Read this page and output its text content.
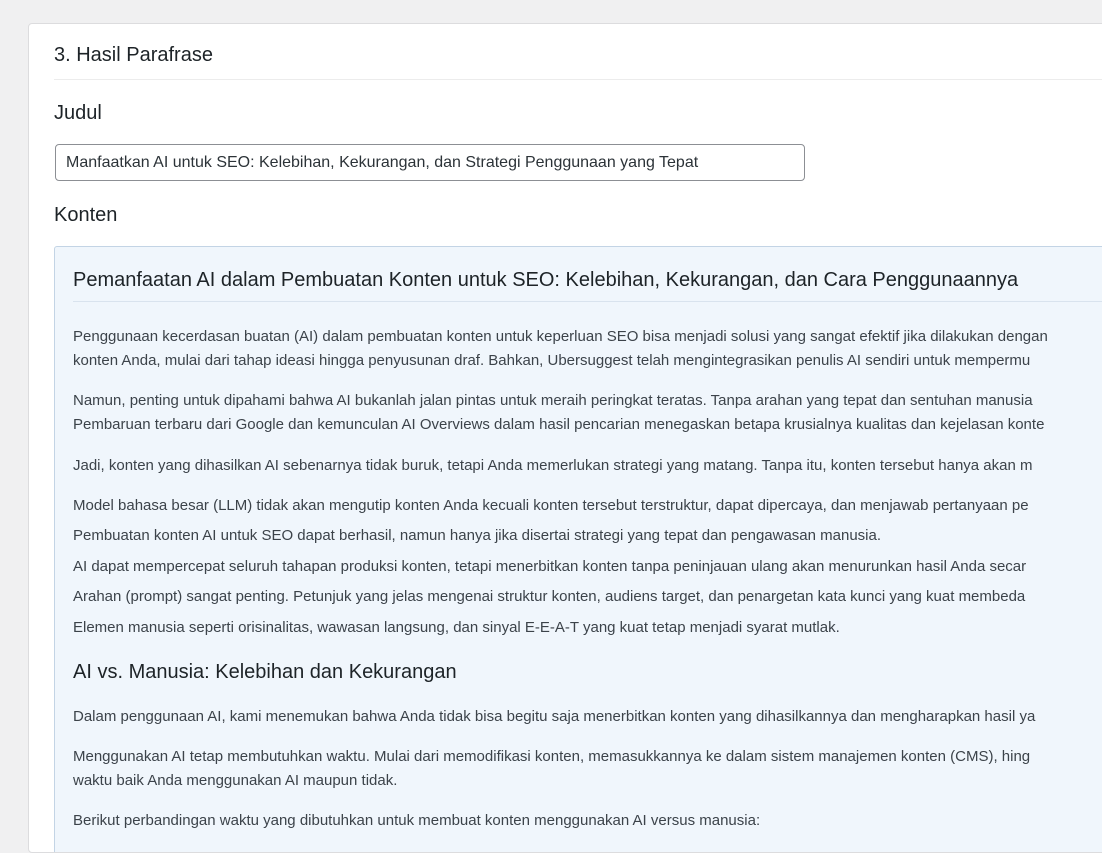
3. Hasil Parafrase
Judul
Manfaatkan AI untuk SEO: Kelebihan, Kekurangan, dan Strategi Penggunaan yang Tepat
Konten
Pemanfaatan AI dalam Pembuatan Konten untuk SEO: Kelebihan, Kekurangan, dan Cara Penggunaannya
Penggunaan kecerdasan buatan (AI) dalam pembuatan konten untuk keperluan SEO bisa menjadi solusi yang sangat efektif jika dilakukan dengan
konten Anda, mulai dari tahap ideasi hingga penyusunan draf. Bahkan, Ubersuggest telah mengintegrasikan penulis AI sendiri untuk mempermu
Namun, penting untuk dipahami bahwa AI bukanlah jalan pintas untuk meraih peringkat teratas. Tanpa arahan yang tepat dan sentuhan manusia
Pembaruan terbaru dari Google dan kemunculan AI Overviews dalam hasil pencarian menegaskan betapa krusialnya kualitas dan kejelasan konte
Jadi, konten yang dihasilkan AI sebenarnya tidak buruk, tetapi Anda memerlukan strategi yang matang. Tanpa itu, konten tersebut hanya akan m
Model bahasa besar (LLM) tidak akan mengutip konten Anda kecuali konten tersebut terstruktur, dapat dipercaya, dan menjawab pertanyaan pe
Pembuatan konten AI untuk SEO dapat berhasil, namun hanya jika disertai strategi yang tepat dan pengawasan manusia.
AI dapat mempercepat seluruh tahapan produksi konten, tetapi menerbitkan konten tanpa peninjauan ulang akan menurunkan hasil Anda secar
Arahan (prompt) sangat penting. Petunjuk yang jelas mengenai struktur konten, audiens target, dan penargetan kata kunci yang kuat membeda
Elemen manusia seperti orisinalitas, wawasan langsung, dan sinyal E-E-A-T yang kuat tetap menjadi syarat mutlak.
AI vs. Manusia: Kelebihan dan Kekurangan
Dalam penggunaan AI, kami menemukan bahwa Anda tidak bisa begitu saja menerbitkan konten yang dihasilkannya dan mengharapkan hasil ya
Menggunakan AI tetap membutuhkan waktu. Mulai dari memodifikasi konten, memasukkannya ke dalam sistem manajemen konten (CMS), hing
waktu baik Anda menggunakan AI maupun tidak.
Berikut perbandingan waktu yang dibutuhkan untuk membuat konten menggunakan AI versus manusia:
